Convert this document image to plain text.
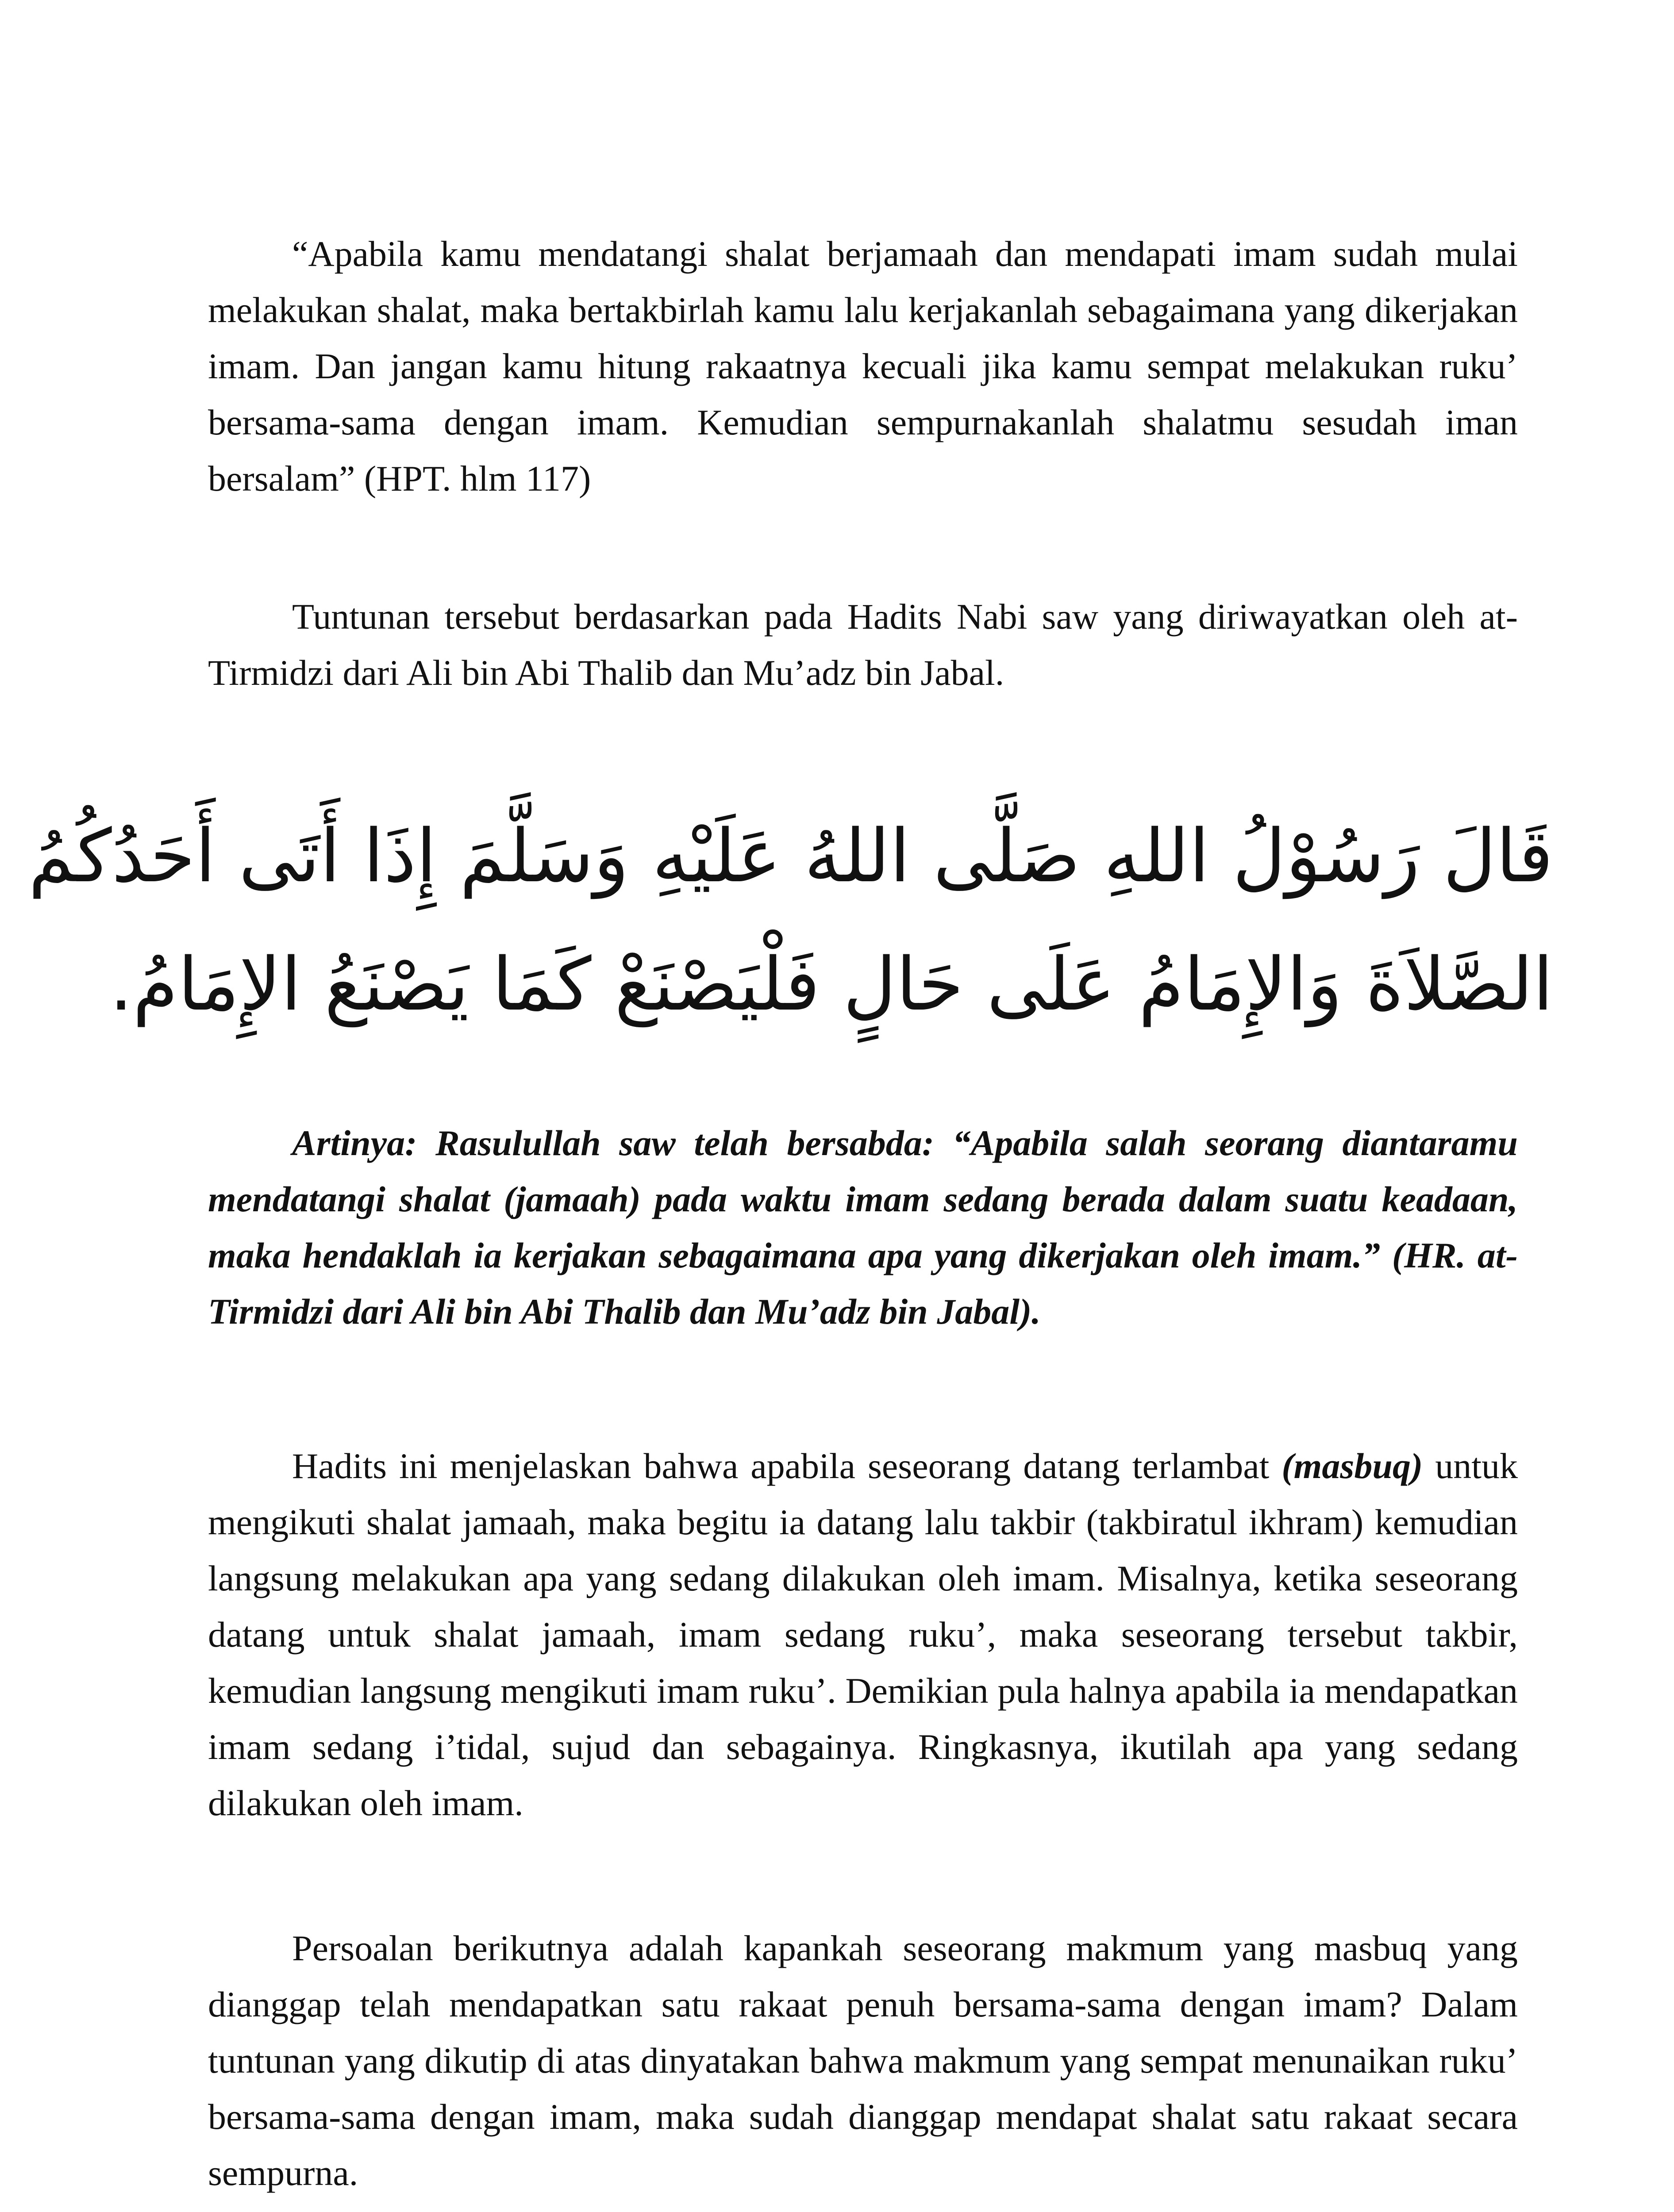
“Apabila kamu mendatangi shalat berjamaah dan mendapati imam sudah mulai melakukan shalat, maka bertakbirlah kamu lalu kerjakanlah sebagaimana yang dikerjakan imam. Dan jangan kamu hitung rakaatnya kecuali jika kamu sempat melakukan ruku’ bersama-sama dengan imam. Kemudian sempurnakanlah shalatmu sesudah iman bersalam” (HPT. hlm 117)

Tuntunan tersebut berdasarkan pada Hadits Nabi saw yang diriwayatkan oleh at-Tirmidzi dari Ali bin Abi Thalib dan Mu’adz bin Jabal.

قَالَ رَسُوْلُ اللهِ صَلَّى اللهُ عَلَيْهِ وَسَلَّمَ إِذَا أَتَى أَحَدُكُمُ
الصَّلاَةَ وَالإِمَامُ عَلَى حَالٍ فَلْيَصْنَعْ كَمَا يَصْنَعُ الإِمَامُ.

Artinya: Rasulullah saw telah bersabda: “Apabila salah seorang diantaramu mendatangi shalat (jamaah) pada waktu imam sedang berada dalam suatu keadaan, maka hendaklah ia kerjakan sebagaimana apa yang dikerjakan oleh imam.” (HR. at-Tirmidzi dari Ali bin Abi Thalib dan Mu’adz bin Jabal).

Hadits ini menjelaskan bahwa apabila seseorang datang terlambat (masbuq) untuk mengikuti shalat jamaah, maka begitu ia datang lalu takbir (takbiratul ikhram) kemudian langsung melakukan apa yang sedang dilakukan oleh imam. Misalnya, ketika seseorang datang untuk shalat jamaah, imam sedang ruku’, maka seseorang tersebut takbir, kemudian langsung mengikuti imam ruku’. Demikian pula halnya apabila ia mendapatkan imam sedang i’tidal, sujud dan sebagainya. Ringkasnya, ikutilah apa yang sedang dilakukan oleh imam.

Persoalan berikutnya adalah kapankah seseorang makmum yang masbuq yang dianggap telah mendapatkan satu rakaat penuh bersama-sama dengan imam? Dalam tuntunan yang dikutip di atas dinyatakan bahwa makmum yang sempat menunaikan ruku’ bersama-sama dengan imam, maka sudah dianggap mendapat shalat satu rakaat secara sempurna.
